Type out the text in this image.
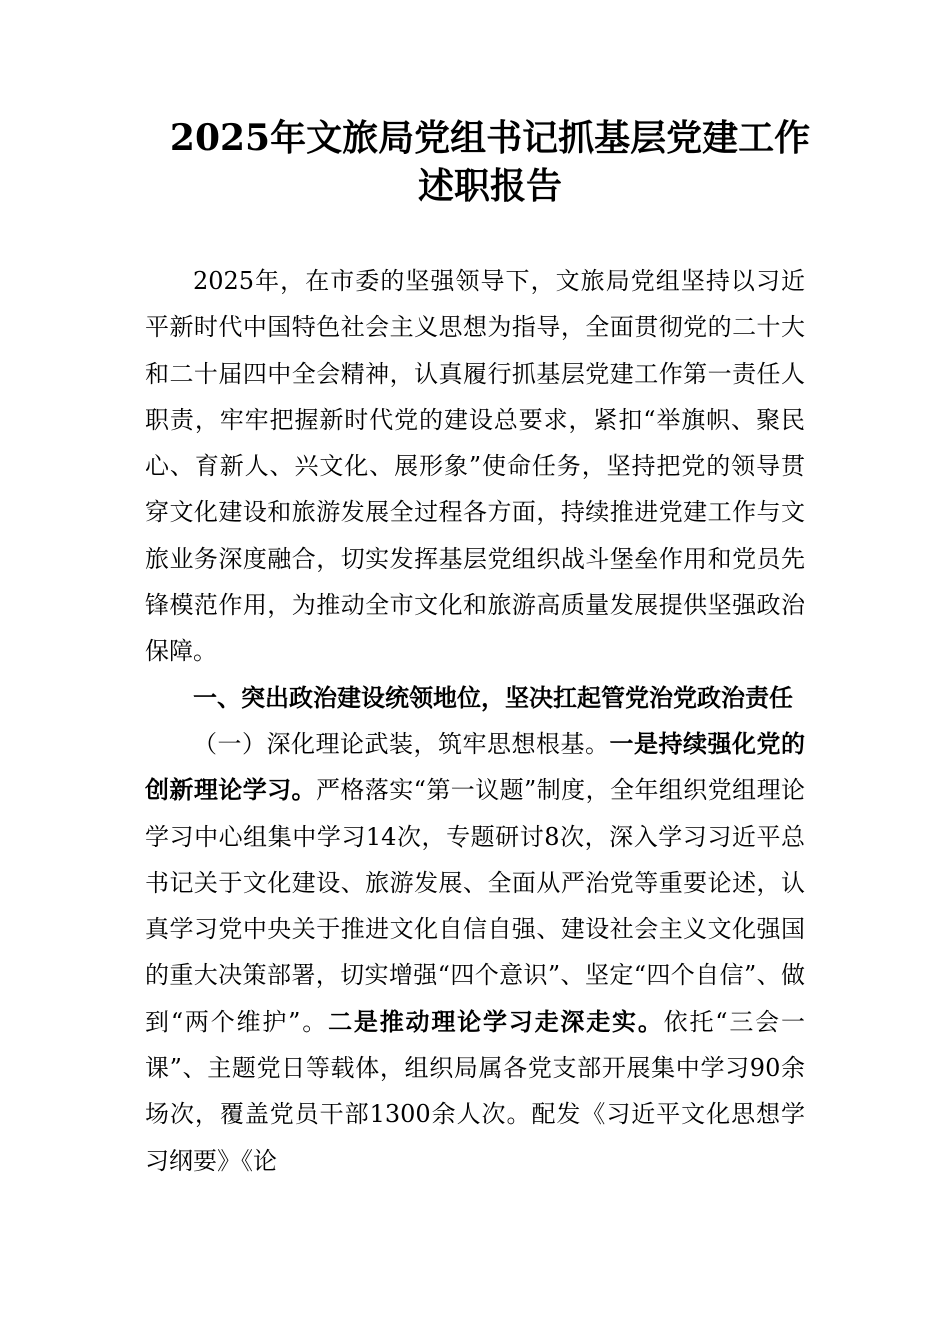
2025年文旅局党组书记抓基层党建工作
述职报告

2025年，在市委的坚强领导下，文旅局党组坚持以习近平新时代中国特色社会主义思想为指导，全面贯彻党的二十大和二十届四中全会精神，认真履行抓基层党建工作第一责任人职责，牢牢把握新时代党的建设总要求，紧扣“举旗帜、聚民心、育新人、兴文化、展形象”使命任务，坚持把党的领导贯穿文化建设和旅游发展全过程各方面，持续推进党建工作与文旅业务深度融合，切实发挥基层党组织战斗堡垒作用和党员先锋模范作用，为推动全市文化和旅游高质量发展提供坚强政治保障。

一、突出政治建设统领地位，坚决扛起管党治党政治责任

（一）深化理论武装，筑牢思想根基。一是持续强化党的创新理论学习。严格落实“第一议题”制度，全年组织党组理论学习中心组集中学习14次，专题研讨8次，深入学习习近平总书记关于文化建设、旅游发展、全面从严治党等重要论述，认真学习党中央关于推进文化自信自强、建设社会主义文化强国的重大决策部署，切实增强“四个意识”、坚定“四个自信”、做到“两个维护”。二是推动理论学习走深走实。依托“三会一课”、主题党日等载体，组织局属各党支部开展集中学习90余场次，覆盖党员干部1300余人次。配发《习近平文化思想学习纲要》《论
